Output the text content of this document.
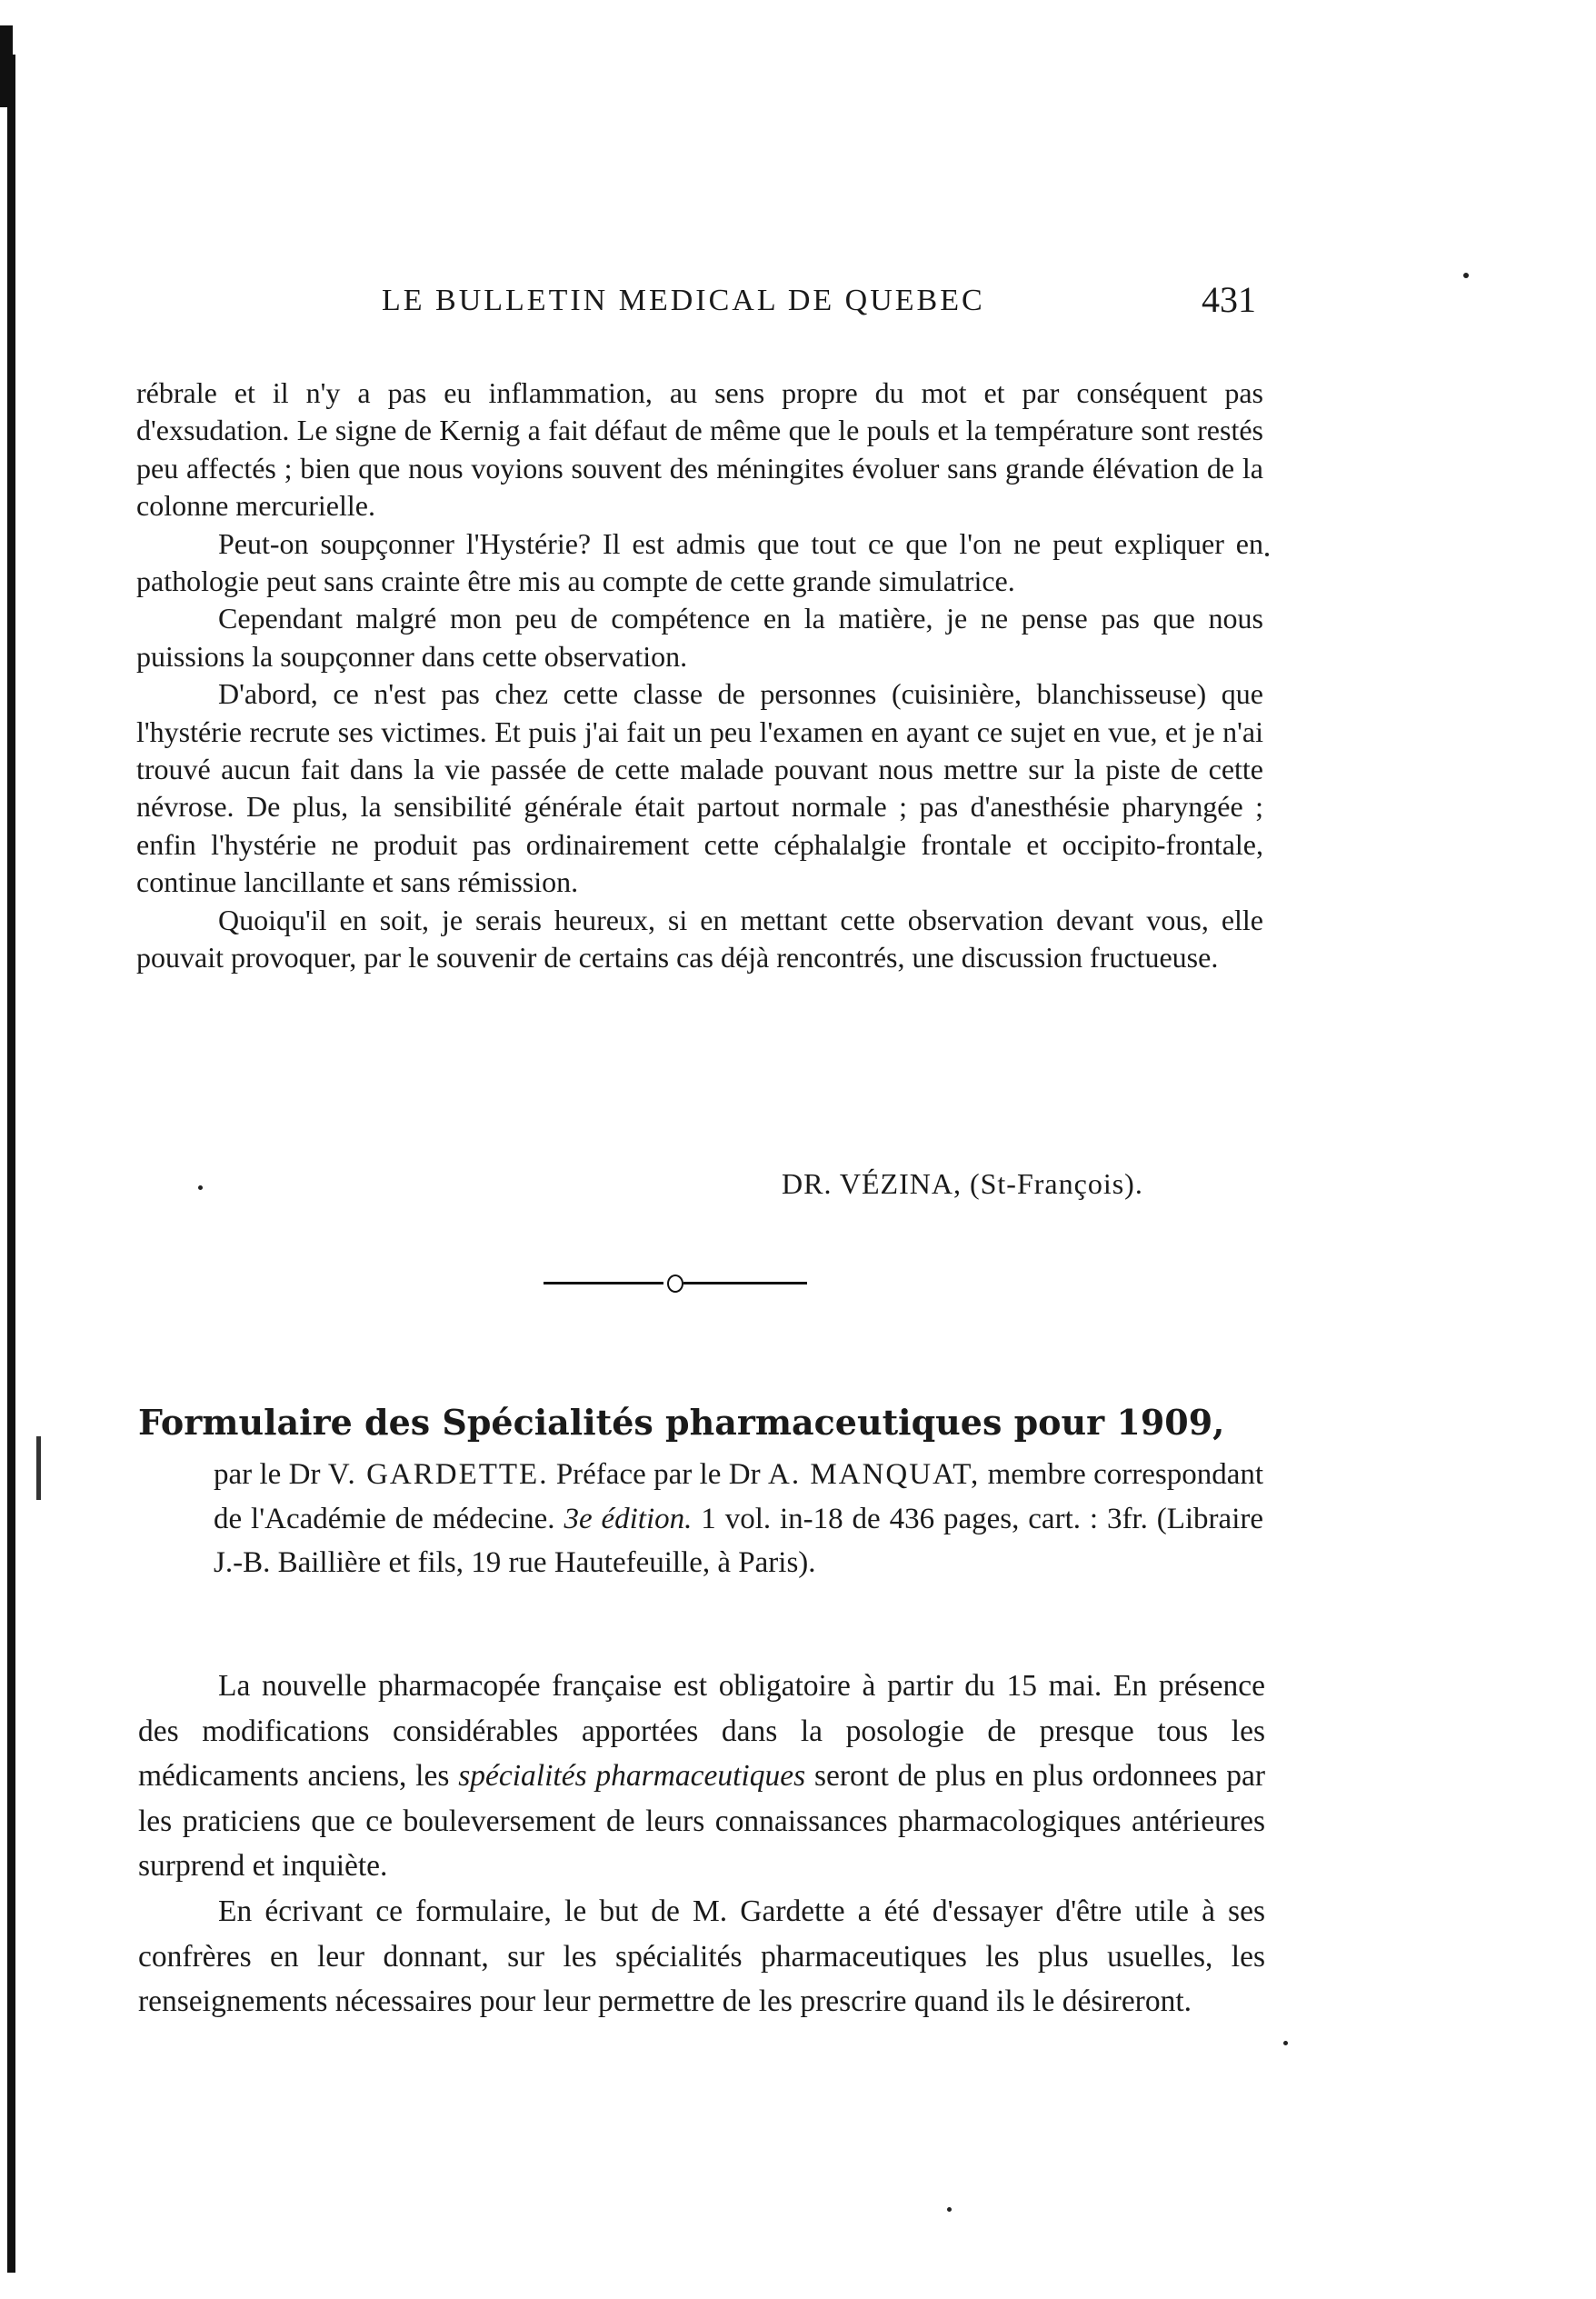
LE BULLETIN MEDICAL DE QUEBEC	431

rébrale et il n'y a pas eu inflammation, au sens propre du mot et par conséquent pas d'exsudation. Le signe de Kernig a fait défaut de même que le pouls et la température sont restés peu affectés ; bien que nous voyions souvent des méningites évoluer sans grande élévation de la colonne mercurielle.

Peut-on soupçonner l'Hystérie? Il est admis que tout ce que l'on ne peut expliquer en pathologie peut sans crainte être mis au compte de cette grande simulatrice.

Cependant malgré mon peu de compétence en la matière, je ne pense pas que nous puissions la soupçonner dans cette observation.

D'abord, ce n'est pas chez cette classe de personnes (cuisinière, blanchisseuse) que l'hystérie recrute ses victimes. Et puis j'ai fait un peu l'examen en ayant ce sujet en vue, et je n'ai trouvé aucun fait dans la vie passée de cette malade pouvant nous mettre sur la piste de cette névrose. De plus, la sensibilité générale était partout normale ; pas d'anesthésie pharyngée ; enfin l'hystérie ne produit pas ordinairement cette céphalalgie frontale et occipito-frontale, continue lancillante et sans rémission.

Quoiqu'il en soit, je serais heureux, si en mettant cette observation devant vous, elle pouvait provoquer, par le souvenir de certains cas déjà rencontrés, une discussion fructueuse.

DR. VÉZINA, (St-François).
Formulaire des Spécialités pharmaceutiques pour 1909,
par le Dr V. GARDETTE. Préface par le Dr A. MANQUAT, membre correspondant de l'Académie de médecine. 3e édition. 1 vol. in-18 de 436 pages, cart. : 3fr. (Libraire J.-B. Baillière et fils, 19 rue Hautefeuille, à Paris).

La nouvelle pharmacopée française est obligatoire à partir du 15 mai. En présence des modifications considérables apportées dans la posologie de presque tous les médicaments anciens, les spécialités pharmaceutiques seront de plus en plus ordonnees par les praticiens que ce bouleversement de leurs connaissances pharmacologiques antérieures surprend et inquiète.

En écrivant ce formulaire, le but de M. Gardette a été d'essayer d'être utile à ses confrères en leur donnant, sur les spécialités pharmaceutiques les plus usuelles, les renseignements nécessaires pour leur permettre de les prescrire quand ils le désireront.
